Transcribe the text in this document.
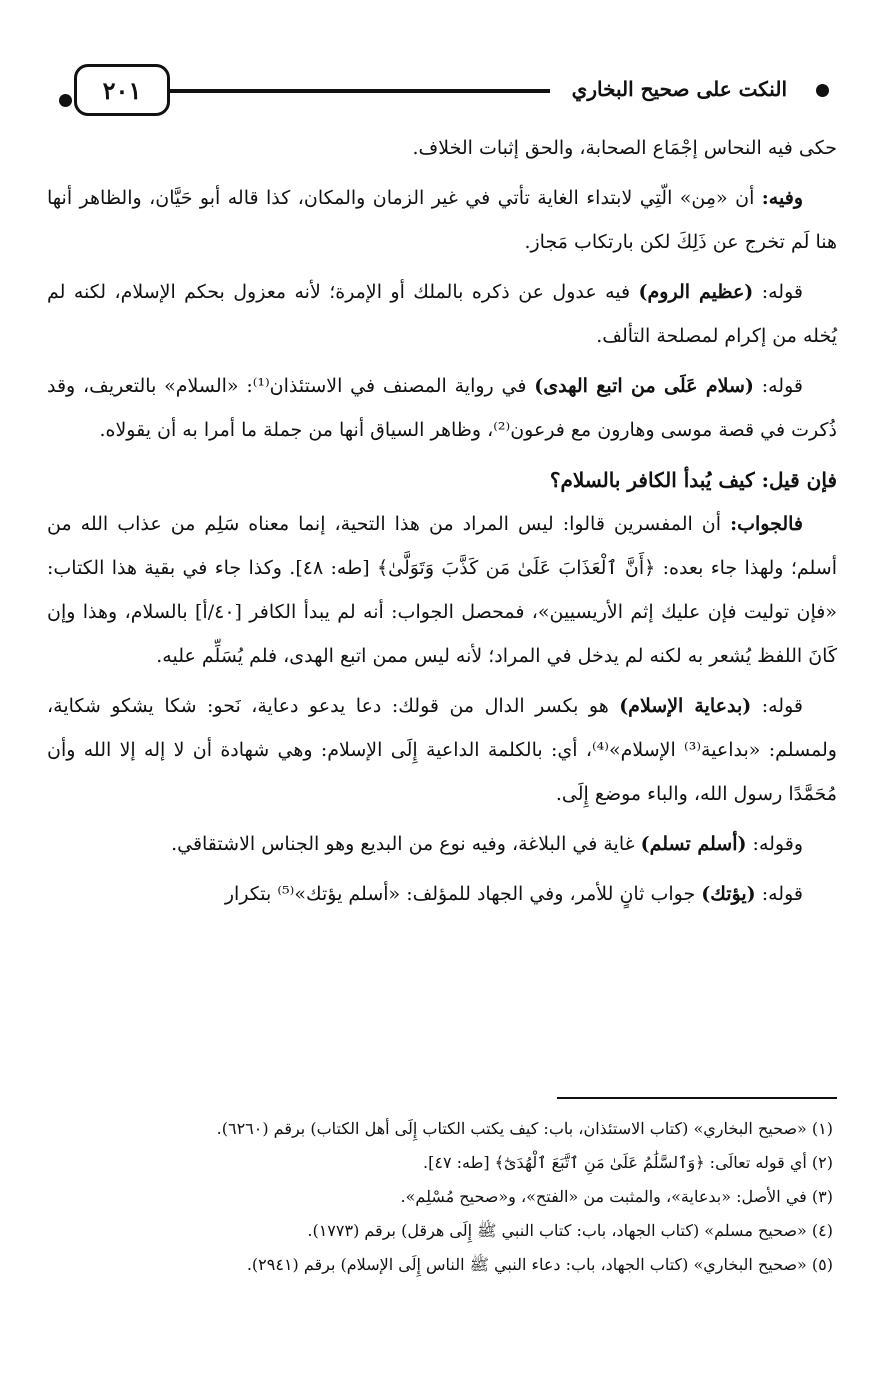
النكت على صحيح البخاري
٢٠١

حكى فيه النحاس إجْمَاع الصحابة، والحق إثبات الخلاف.

وفيه: أن «مِن» الّتِي لابتداء الغاية تأتي في غير الزمان والمكان، كذا قاله أبو حَيَّان، والظاهر أنها هنا لَم تخرج عن ذَلِكَ لكن بارتكاب مَجاز.

قوله: (عظيم الروم) فيه عدول عن ذكره بالملك أو الإمرة؛ لأنه معزول بحكم الإسلام، لكنه لم يُخله من إكرام لمصلحة التألف.

قوله: (سلام عَلَى من اتبع الهدى) في رواية المصنف في الاستئذان⁽¹⁾: «السلام» بالتعريف، وقد ذُكرت في قصة موسى وهارون مع فرعون⁽²⁾، وظاهر السياق أنها من جملة ما أمرا به أن يقولاه.

فإن قيل: كيف يُبدأ الكافر بالسلام؟

فالجواب: أن المفسرين قالوا: ليس المراد من هذا التحية، إنما معناه سَلِم من عذاب الله من أسلم؛ ولهذا جاء بعده: ﴿أَنَّ ٱلْعَذَابَ عَلَىٰ مَن كَذَّبَ وَتَوَلَّىٰ﴾ [طه: ٤٨]. وكذا جاء في بقية هذا الكتاب: «فإن توليت فإن عليك إثم الأريسيين»، فمحصل الجواب: أنه لم يبدأ الكافر [٤٠/أ] بالسلام، وهذا وإن كَانَ اللفظ يُشعر به لكنه لم يدخل في المراد؛ لأنه ليس ممن اتبع الهدى، فلم يُسَلِّم عليه.

قوله: (بدعاية الإسلام) هو بكسر الدال من قولك: دعا يدعو دعاية، نَحو: شكا يشكو شكاية، ولمسلم: «بداعية⁽³⁾ الإسلام»⁽⁴⁾، أي: بالكلمة الداعية إِلَى الإسلام: وهي شهادة أن لا إله إلا الله وأن مُحَمَّدًا رسول الله، والباء موضع إِلَى.

وقوله: (أسلم تسلم) غاية في البلاغة، وفيه نوع من البديع وهو الجناس الاشتقاقي.

قوله: (يؤتك) جواب ثانٍ للأمر، وفي الجهاد للمؤلف: «أسلم يؤتك»⁽⁵⁾ بتكرار

(١) «صحيح البخاري» (كتاب الاستئذان، باب: كيف يكتب الكتاب إِلَى أهل الكتاب) برقم (٦٢٦٠).
(٢) أي قوله تعالَى: ﴿وَٱلسَّلَٰمُ عَلَىٰ مَنِ ٱتَّبَعَ ٱلْهُدَىٰٓ﴾ [طه: ٤٧].
(٣) في الأصل: «بدعاية»، والمثبت من «الفتح»، و«صحيح مُسْلِم».
(٤) «صحيح مسلم» (كتاب الجهاد، باب: كتاب النبي ﷺ إِلَى هرقل) برقم (١٧٧٣).
(٥) «صحيح البخاري» (كتاب الجهاد، باب: دعاء النبي ﷺ الناس إِلَى الإسلام) برقم (٢٩٤١).
